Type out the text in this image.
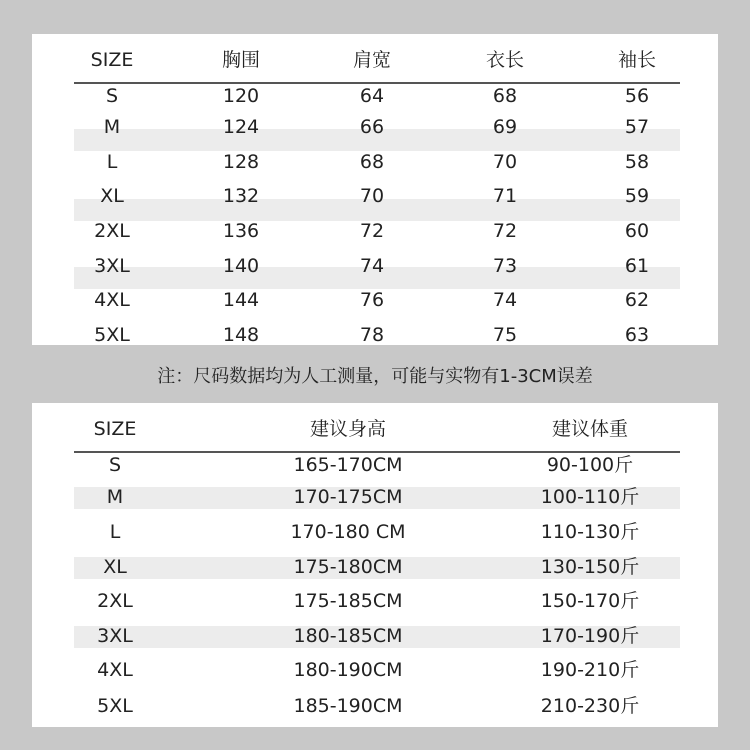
SIZE	胸围	肩宽	衣长	袖长
S	120	64	68	56
M	124	66	69	57
L	128	68	70	58
XL	132	70	71	59
2XL	136	72	72	60
3XL	140	74	73	61
4XL	144	76	74	62
5XL	148	78	75	63
注：尺码数据均为人工测量，可能与实物有1-3CM误差
SIZE	建议身高	建议体重
S	165-170CM	90-100斤
M	170-175CM	100-110斤
L	170-180 CM	110-130斤
XL	175-180CM	130-150斤
2XL	175-185CM	150-170斤
3XL	180-185CM	170-190斤
4XL	180-190CM	190-210斤
5XL	185-190CM	210-230斤
